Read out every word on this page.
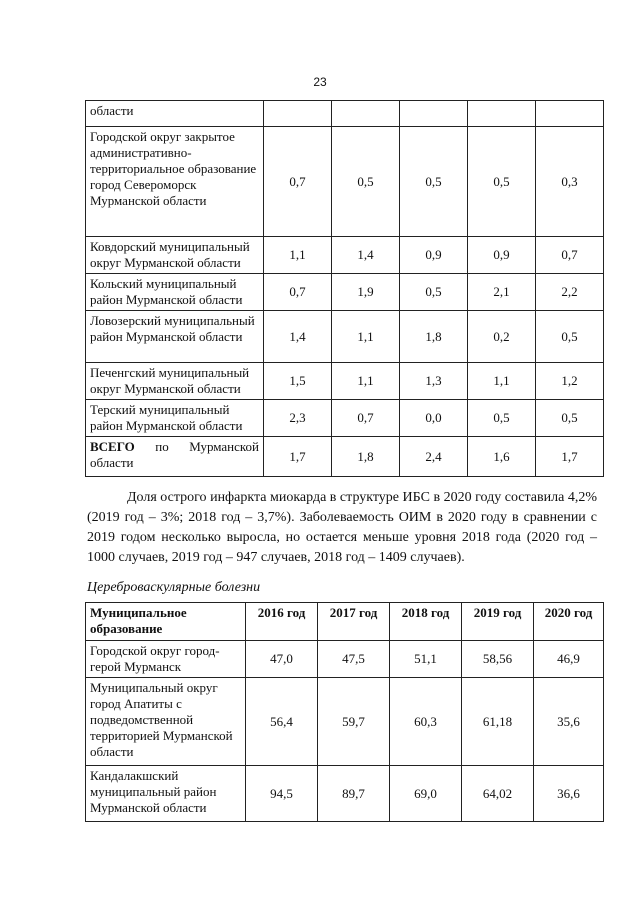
23
области					
Городской округ закрытое административно-территориальное образование город Североморск Мурманской области	0,7	0,5	0,5	0,5	0,3
Ковдорский муниципальный округ Мурманской области	1,1	1,4	0,9	0,9	0,7
Кольский муниципальный район Мурманской области	0,7	1,9	0,5	2,1	2,2
Ловозерский муниципальный район Мурманской области	1,4	1,1	1,8	0,2	0,5
Печенгский муниципальный округ Мурманской области	1,5	1,1	1,3	1,1	1,2
Терский муниципальный район Мурманской области	2,3	0,7	0,0	0,5	0,5
ВСЕГО по Мурманской области	1,7	1,8	2,4	1,6	1,7

Доля острого инфаркта миокарда в структуре ИБС в 2020 году составила 4,2% (2019 год – 3%; 2018 год – 3,7%). Заболеваемость ОИМ в 2020 году в сравнении с 2019 годом несколько выросла, но остается меньше уровня 2018 года (2020 год – 1000 случаев, 2019 год – 947 случаев, 2018 год – 1409 случаев).

Цереброваскулярные болезни

Муниципальное образование	2016 год	2017 год	2018 год	2019 год	2020 год
Городской округ город-герой Мурманск	47,0	47,5	51,1	58,56	46,9
Муниципальный округ город Апатиты с подведомственной территорией Мурманской области	56,4	59,7	60,3	61,18	35,6
Кандалакшский муниципальный район Мурманской области	94,5	89,7	69,0	64,02	36,6
